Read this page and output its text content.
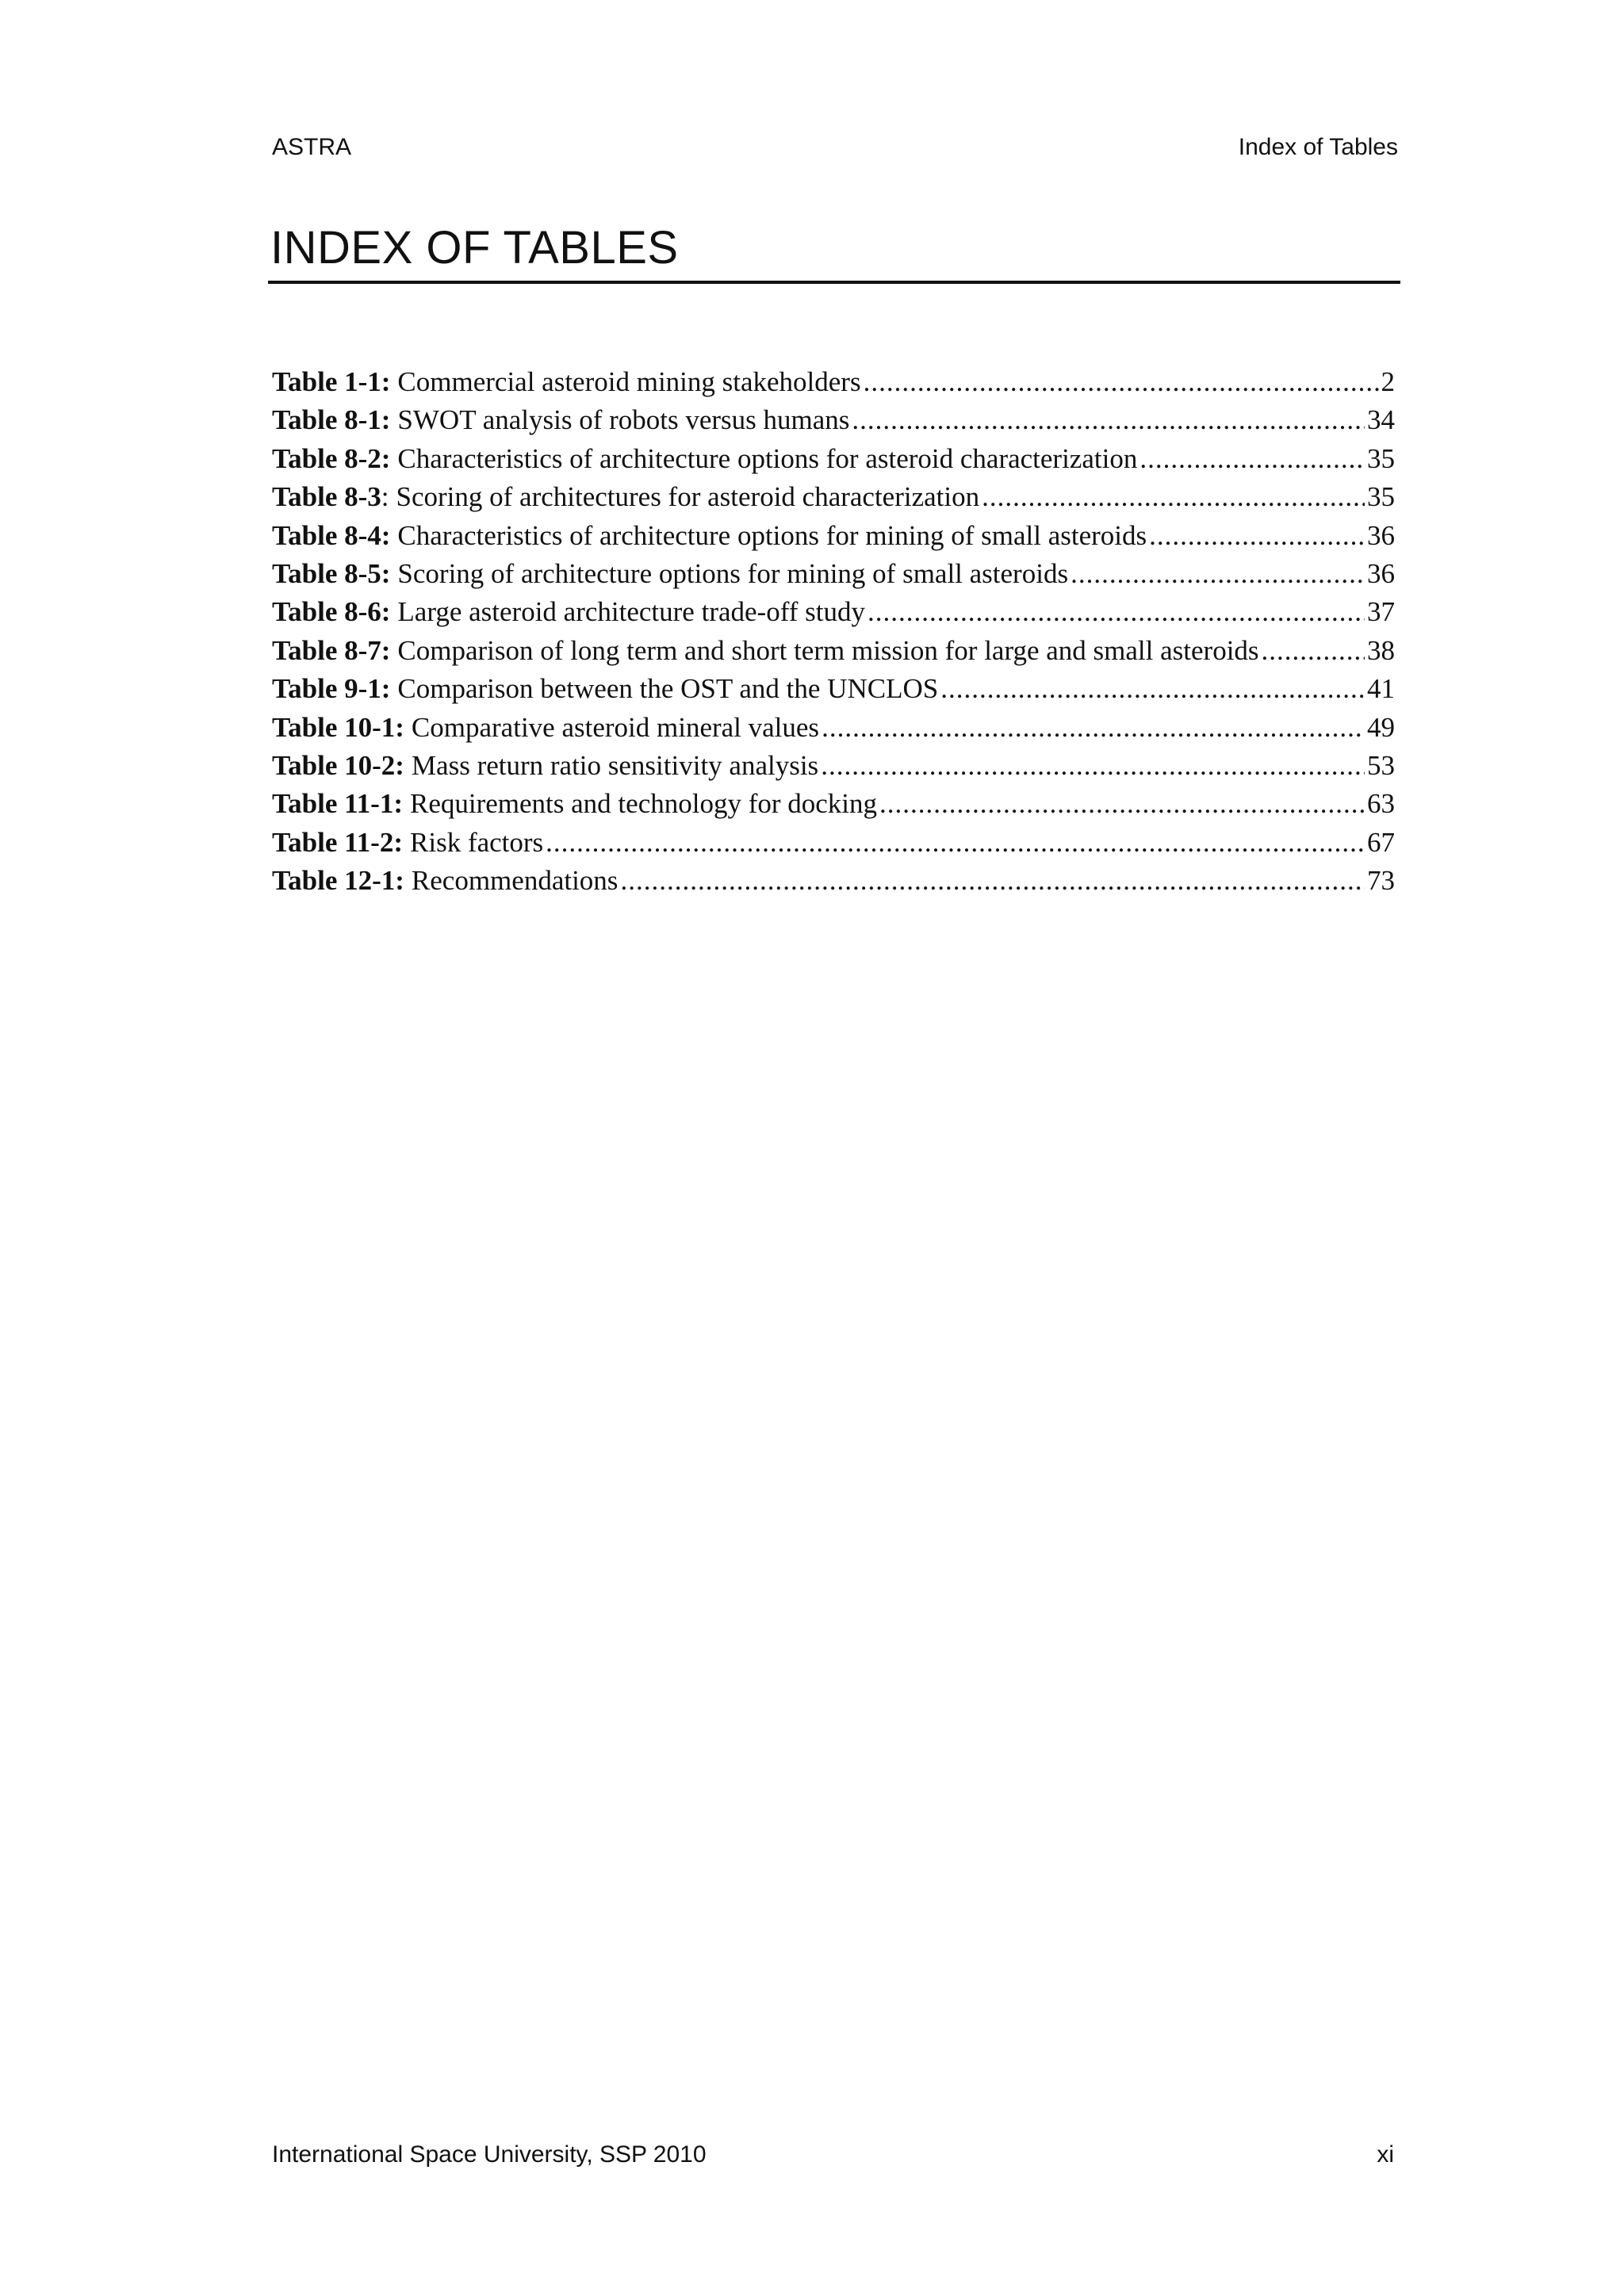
ASTRA	Index of Tables
INDEX OF TABLES
Table 1-1 : Commercial asteroid mining stakeholders .....	2
Table 8-1 : SWOT analysis of robots versus humans .....	34
Table 8-2 : Characteristics of architecture options for asteroid characterization .....	35
Table 8-3 : Scoring of architectures for asteroid characterization .....	35
Table 8-4 : Characteristics of architecture options for mining of small asteroids .....	36
Table 8-5 : Scoring of architecture options for mining of small asteroids .....	36
Table 8-6 : Large asteroid architecture trade-off study .....	37
Table 8-7 : Comparison of long term and short term mission for large and small asteroids .....	38
Table 9-1 : Comparison between the OST and the UNCLOS .....	41
Table 10-1 : Comparative asteroid mineral values .....	49
Table 10-2 : Mass return ratio sensitivity analysis .....	53
Table 11-1 : Requirements and technology for docking .....	63
Table 11-2 : Risk factors .....	67
Table 12-1 : Recommendations .....	73
International Space University, SSP 2010	xi
